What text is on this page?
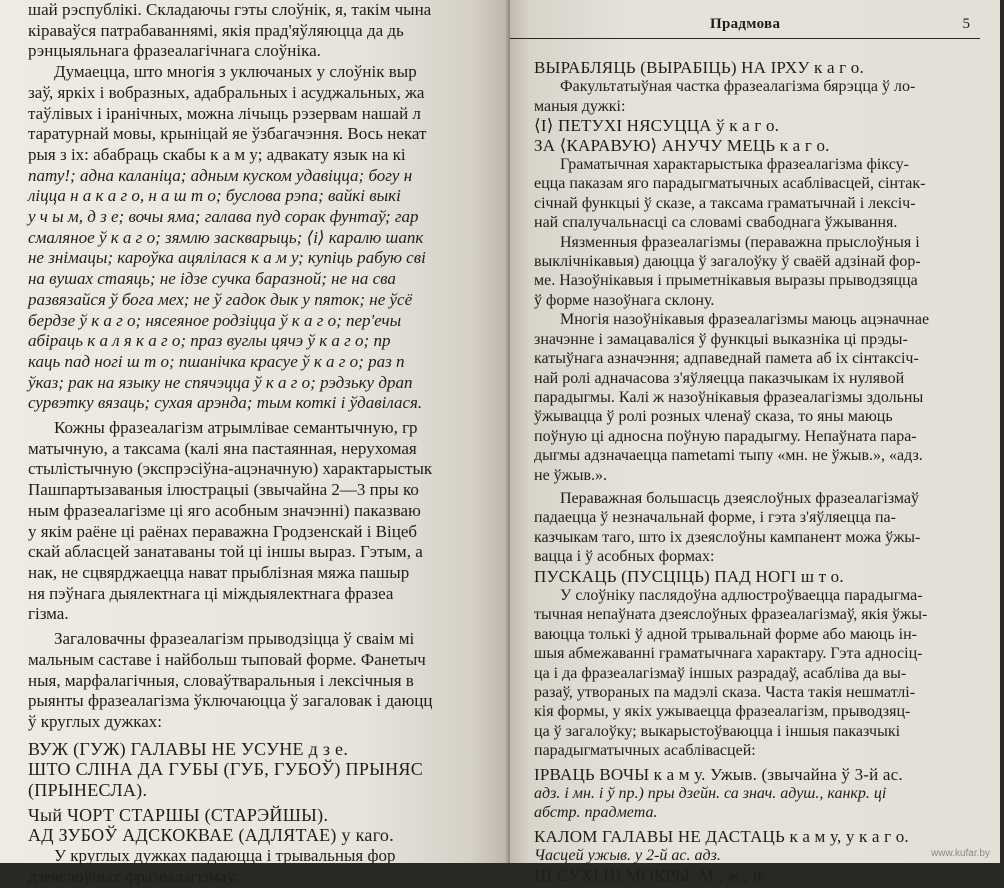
шай рэспублікі. Складаючы гэты слоўнік, я, такім чына

кіраваўся патрабаваннямі, якія прад'яўляюцца да дь

рэнцыяльнага фразеалагічнага слоўніка.

Думаецца, што многія з уключаных у слоўнік выр

заў, яркіх і вобразных, адабральных і асуджальных, жа

таўлівых і іранічных, можна лічыць рэзервам нашай л

таратурнай мовы, крыніцай яе ўзбагачэння. Вось некат

рыя з іх: абабраць скабы к а м у; адвакату язык на кі

пату!; адна каланіца; адным куском удавіцца; богу н

ліцца н а к а г о, н а ш т о; буслова рэпа; вайкі выкі

у ч ы м, д з е; вочы яма; галава пуд сорак фунтаў; гар

смаляное ў к а г о; зямлю заскварыць; ⟨і⟩ каралю шапк

не знімацы; кароўка ацялілася к а м у; купіць рабую сві

на вушах стаяць; не ідзе сучка баразной; не на сва

развязайся ў бога мех; не ў гадок дык у пяток; не ўсё

бердзе ў к а г о; нясеяное родзіцца ў к а г о; пер'ечы

абіраць к а л я к а г о; праз вуглы цячэ ў к а г о; пр

каць пад ногі ш т о; пшанічка красуе ў к а г о; раз п

ўказ; рак на языку не спячэцца ў к а г о; рэдзьку драп

сурвэтку вязаць; сухая арэнда; тым коткі і ўдавілася.

Кожны фразеалагізм атрымлівае семантычную, гр

матычную, а таксама (калі яна пастаянная, нерухомая

стылістычную (экспрэсіўна-ацэначную) характарыстык

Пашпартызаваныя ілюстрацыі (звычайна 2—3 пры ко

ным фразеалагізме ці яго асобным значэнні) паказваю

у якім раёне ці раёнах пераважна Гродзенскай і Віцеб

скай абласцей занатаваны той ці іншы выраз. Гэтым, а

нак, не сцвярджаецца нават прыблізная мяжа пашыр

ня пэўнага дыялектнага ці міждыялектнага фразеа

гізма.

Загаловачны фразеалагізм прыводзіцца ў сваім мі

мальным саставе і найбольш тыповай форме. Фанетыч

ныя, марфалагічныя, словаўтваральныя і лексічныя в

рыянты фразеалагізма ўключаюцца ў загаловак і даюцц

ў круглых дужках:

ВУЖ (ГУЖ) ГАЛАВЫ НЕ УСУНЕ д з е.

ШТО СЛІНА ДА ГУБЫ (ГУБ, ГУБОЎ) ПРЫНЯС

(ПРЫНЕСЛА).

Чый ЧОРТ СТАРШЫ (СТАРЭЙШЫ).

АД ЗУБОЎ АДСКОКВАЕ (АДЛЯТАЕ) у каго.

У круглых дужках падаюцца і трывальныя фор

дзеяслоўных фразеалагізмаў:

Прадмова	5

ВЫРАБЛЯЦЬ (ВЫРАБІЦЬ) НА ІРХУ к а г о.

Факультатыўная частка фразеалагізма бярэцца ў ло-

маныя дужкі:

⟨І⟩ ПЕТУХІ НЯСУЦЦА ў к а г о.

ЗА ⟨КАРАВУЮ⟩ АНУЧУ МЕЦЬ к а г о.

Граматычная характарыстыка фразеалагізма фіксу-

ецца паказам яго парадыгматычных асаблівасцей, сінтак-

січнай функцыі ў сказе, а таксама граматычнай і лексіч-

най спалучальнасці са словамі свабоднага ўжывання.

Нязменныя фразеалагізмы (пераважна прыслоўныя і

выклічнікавыя) даюцца ў загалоўку ў сваёй адзінай фор-

ме. Назоўнікавыя і прыметнікавыя выразы прыводзяцца

ў форме назоўнага склону.

Многія назоўнікавыя фразеалагізмы маюць ацэначнае

значэнне і замацаваліся ў функцыі выказніка ці прэды-

катыўнага азначэння; адпаведнай памета аб іх сінтаксіч-

най ролі адначасова з'яўляецца паказчыкам іх нулявой

парадыгмы. Калі ж назоўнікавыя фразеалагізмы здольны

ўжывацца ў ролі розных членаў сказа, то яны маюць

поўную ці адносна поўную парадыгму. Непаўната пара-

дыгмы адзначаецца пametamі тыпу «мн. не ўжыв.», «адз.

не ўжыв.».

Пераважная большасць дзеяслоўных фразеалагізмаў

падаецца ў незначальнай форме, і гэта з'яўляецца па-

казчыкам таго, што іх дзеяслоўны кампанент можа ўжы-

вацца і ў асобных формах:

ПУСКАЦЬ (ПУСЦІЦЬ) ПАД НОГІ ш т о.

У слоўніку паслядоўна адлюстроўваецца парадыгма-

тычная непаўната дзеяслоўных фразеалагізмаў, якія ўжы-

ваюцца толькі ў адной трывальнай форме або маюць ін-

шыя абмежаванні граматычнага характару. Гэта адносіц-

ца і да фразеалагізмаў іншых разрадаў, асабліва да вы-

разаў, утвораных па мадэлі сказа. Часта такія нешматлі-

кія формы, у якіх ужываецца фразеалагізм, прыводзяц-

ца ў загалоўку; выкарыстоўваюцца і іншыя пaказчыкі

парадыгматычных асаблівасцей:

ІРВАЦЬ ВОЧЫ к а м у. Ужыв. (звычайна ў 3-й ас.

адз. і мн. і ў пр.) пры дзейн. са знач. адуш., канкр. ці

абстр. прадмета.

КАЛОМ ГАЛАВЫ НЕ ДАСТАЦЬ к а м у, у к а г о.

Часцей ужыв. у 2-й ас. адз.

НІ СУХІ НІ МОКРЫ. М., ж., н.

www.kufar.by
